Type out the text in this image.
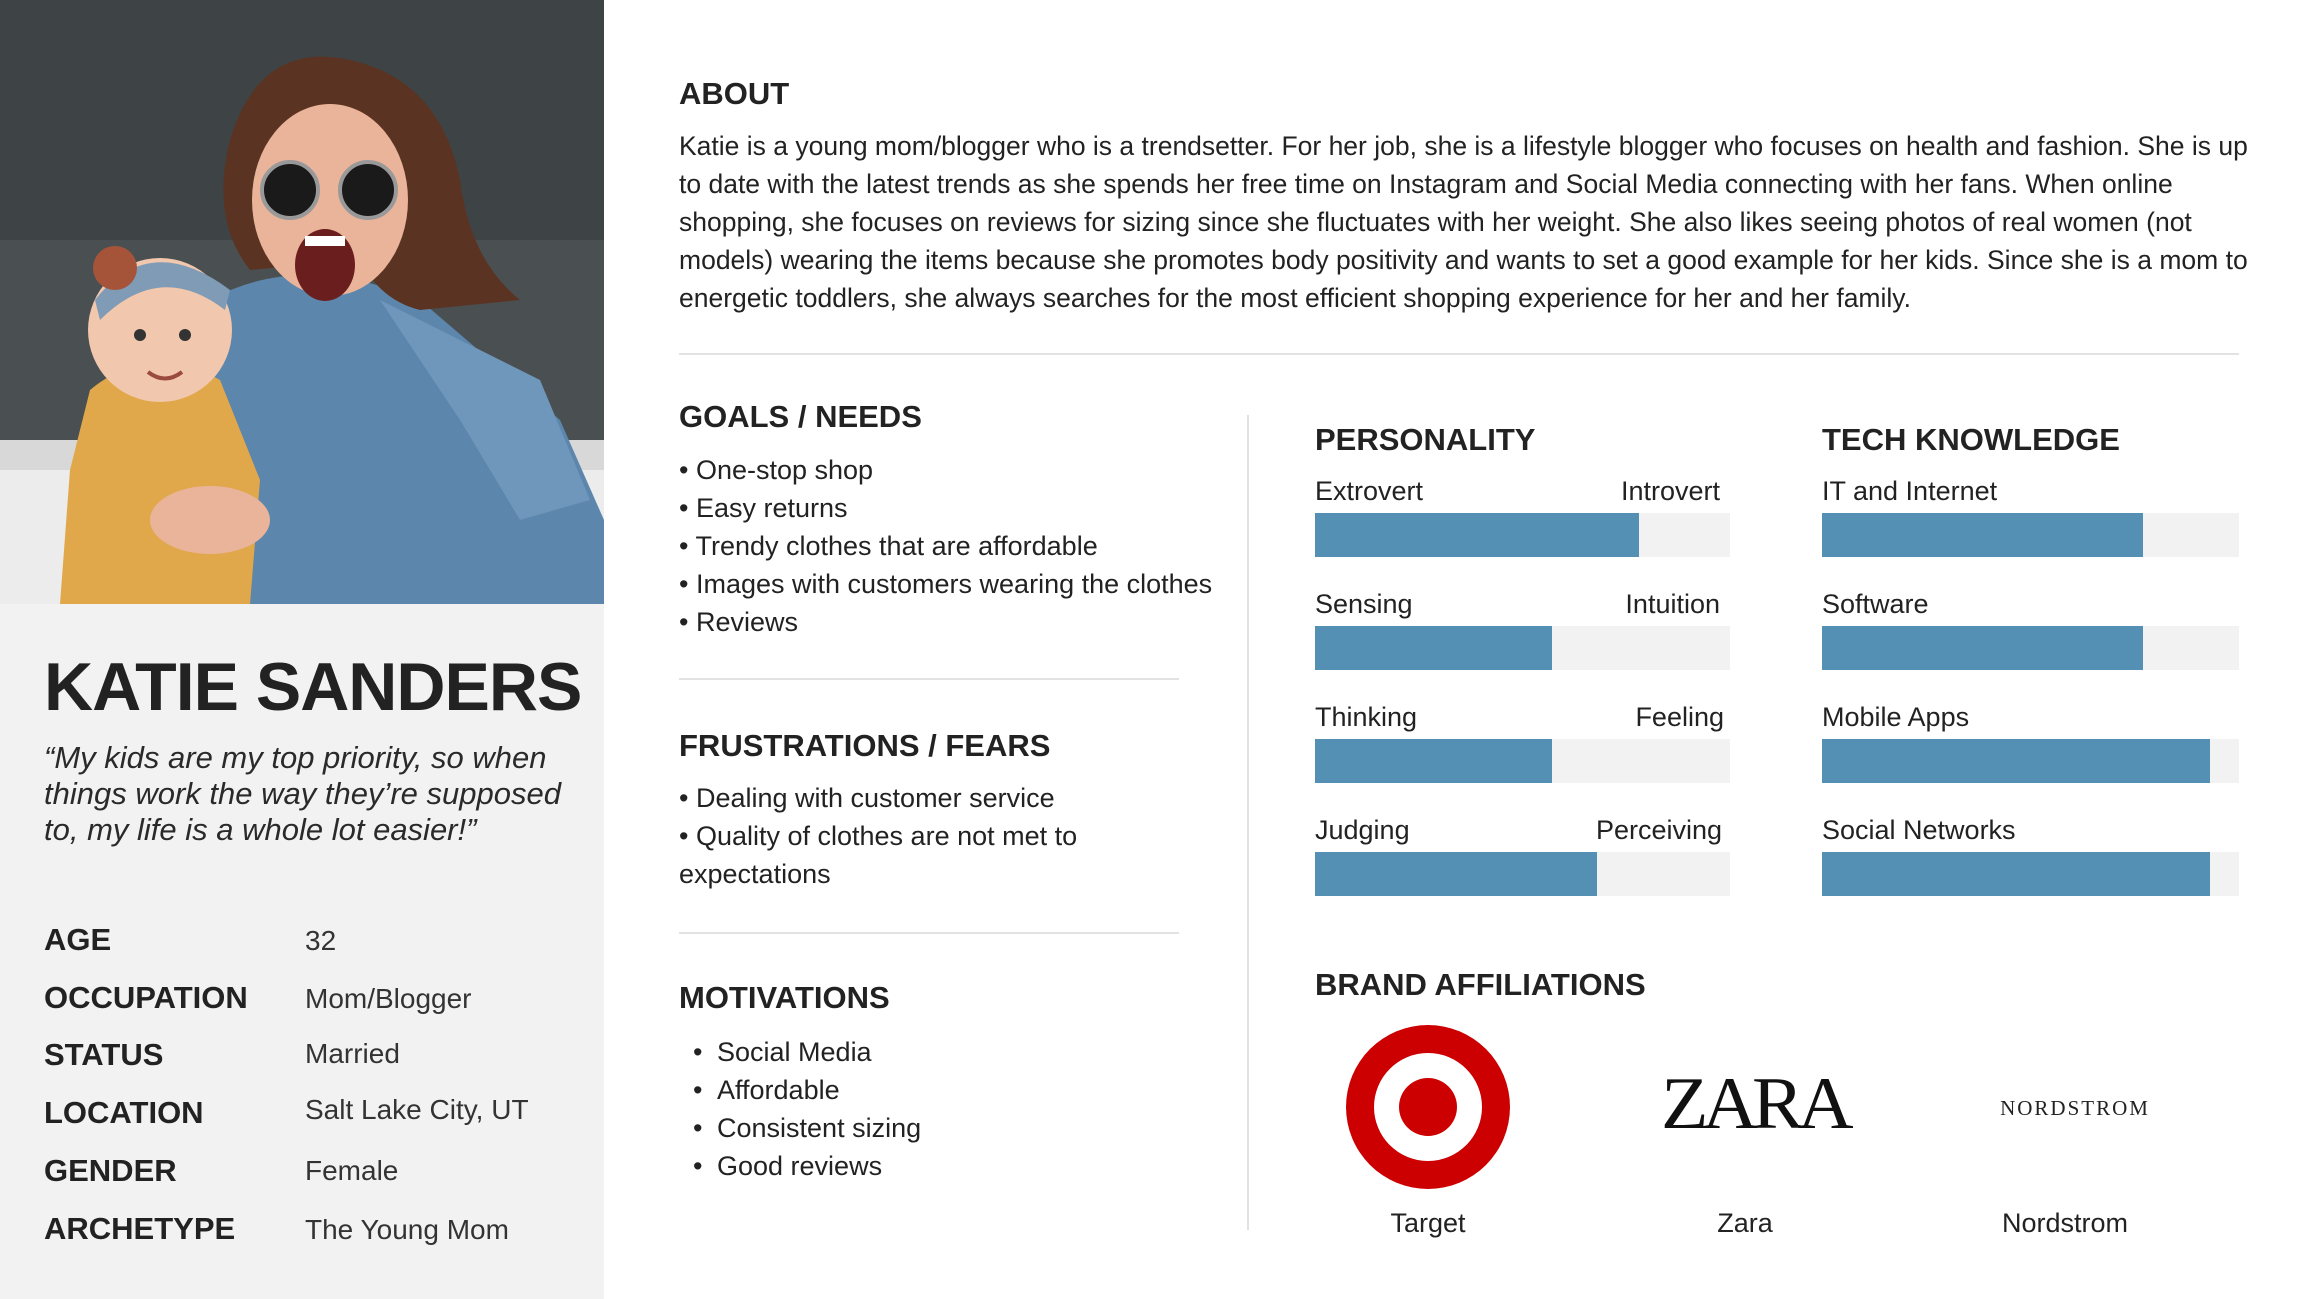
KATIE SANDERS
“My kids are my top priority, so when things work the way they’re supposed to, my life is a whole lot easier!”
AGE	32
OCCUPATION Mom/Blogger
STATUS	Married
LOCATION	Salt Lake City, UT
GENDER	Female
ARCHETYPE The Young Mom
ABOUT
Katie is a young mom/blogger who is a trendsetter. For her job, she is a lifestyle blogger who focuses on health and fashion. She is up to date with the latest trends as she spends her free time on Instagram and Social Media connecting with her fans. When online shopping, she focuses on reviews for sizing since she fluctuates with her weight. She also likes seeing photos of real women (not models) wearing the items because she promotes body positivity and wants to set a good example for her kids. Since she is a mom to energetic toddlers, she always searches for the most efficient shopping experience for her and her family.
GOALS / NEEDS
• One-stop shop
• Easy returns
• Trendy clothes that are affordable
• Images with customers wearing the clothes
• Reviews
FRUSTRATIONS / FEARS
• Dealing with customer service
• Quality of clothes are not met to
expectations
MOTIVATIONS
• Social Media
• Affordable
• Consistent sizing
• Good reviews
PERSONALITY
Extrovert	Introvert
Sensing	Intuition
Thinking	Feeling
Judging	Perceiving
TECH KNOWLEDGE
IT and Internet
Software
Mobile Apps
Social Networks
BRAND AFFILIATIONS
ZARA	NORDSTROM
Target	Zara	Nordstrom
